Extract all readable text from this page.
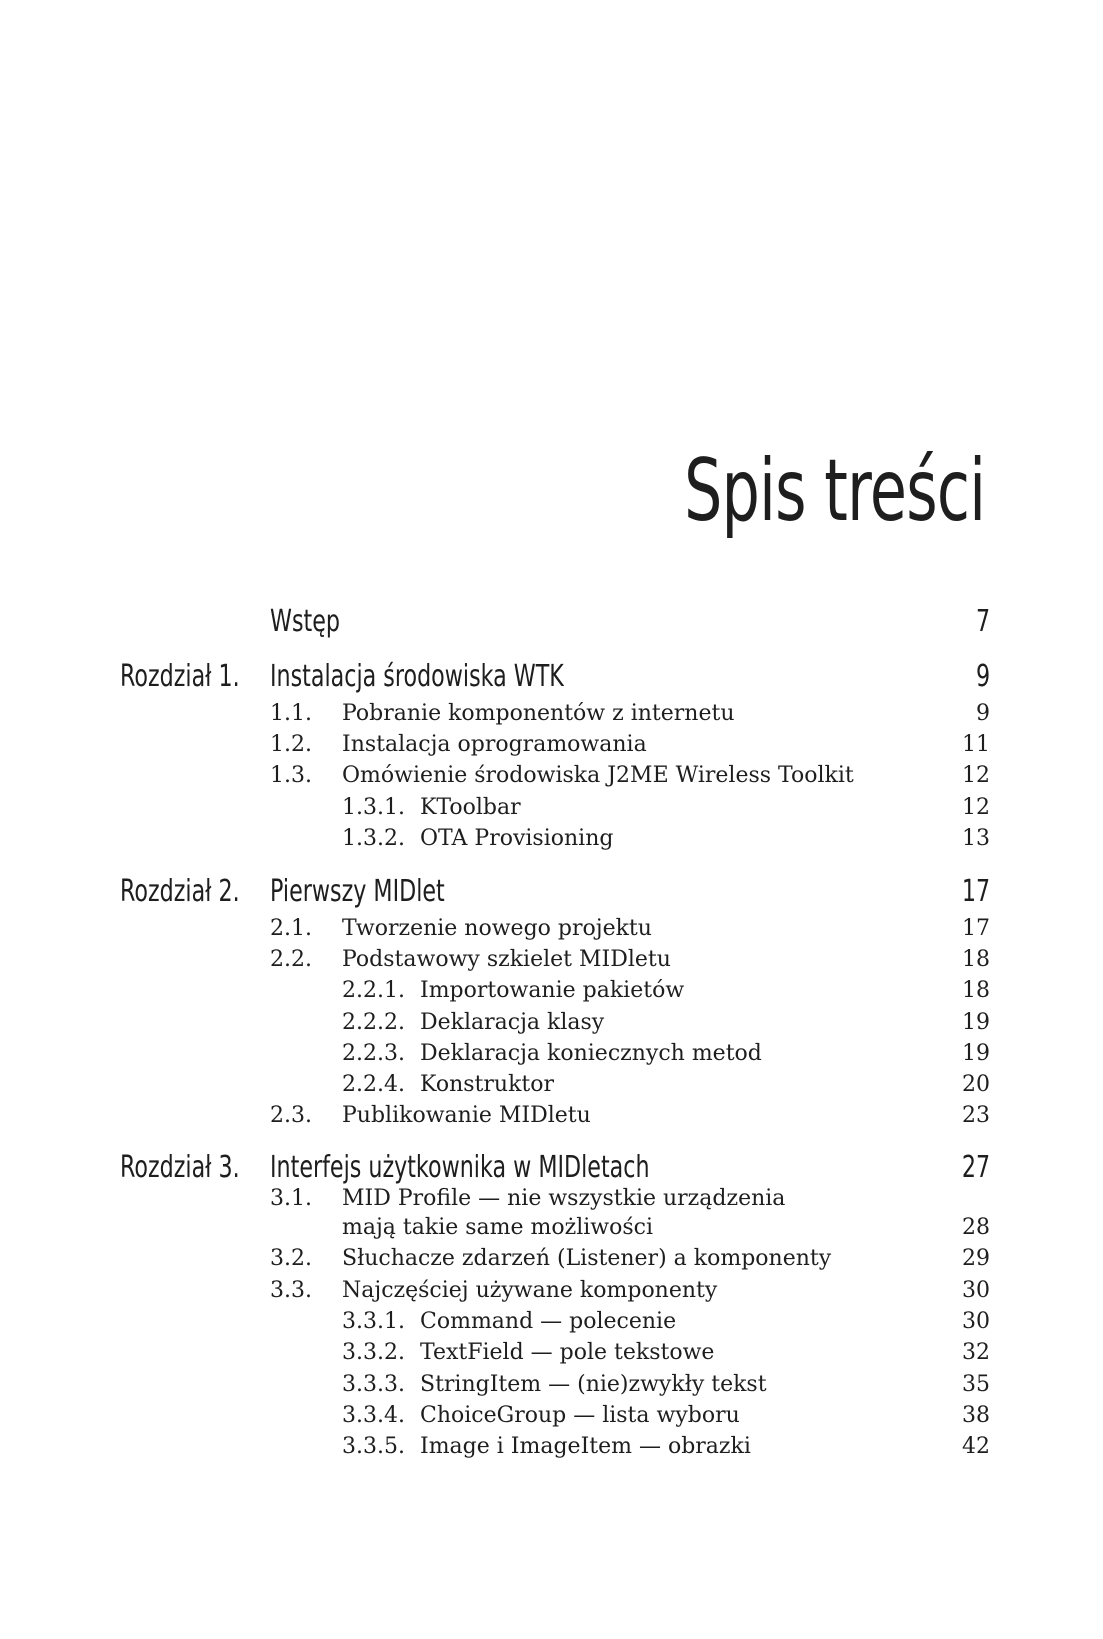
Spis treści
Wstęp	7
Rozdział 1. Instalacja środowiska WTK	9
1.1. Pobranie komponentów z internetu	9
1.2. Instalacja oprogramowania	11
1.3. Omówienie środowiska J2ME Wireless Toolkit	12
1.3.1. KToolbar	12
1.3.2. OTA Provisioning	13
Rozdział 2. Pierwszy MIDlet	17
2.1. Tworzenie nowego projektu	17
2.2. Podstawowy szkielet MIDletu	18
2.2.1. Importowanie pakietów	18
2.2.2. Deklaracja klasy	19
2.2.3. Deklaracja koniecznych metod	19
2.2.4. Konstruktor	20
2.3. Publikowanie MIDletu	23
Rozdział 3. Interfejs użytkownika w MIDletach	27
3.1. MID Profile — nie wszystkie urządzenia
mają takie same możliwości	28
3.2. Słuchacze zdarzeń (Listener) a komponenty	29
3.3. Najczęściej używane komponenty	30
3.3.1. Command — polecenie	30
3.3.2. TextField — pole tekstowe	32
3.3.3. StringItem — (nie)zwykły tekst	35
3.3.4. ChoiceGroup — lista wyboru	38
3.3.5. Image i ImageItem — obrazki	42
